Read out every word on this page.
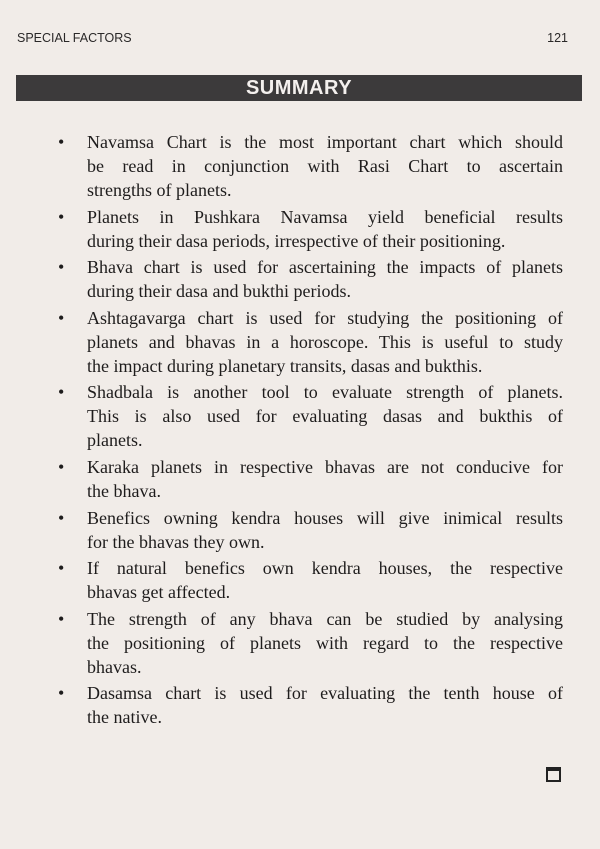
SPECIAL FACTORS	121
SUMMARY
• Navamsa Chart is the most important chart which should
be read in conjunction with Rasi Chart to ascertain
strengths of planets.
• Planets in Pushkara Navamsa yield beneficial results
during their dasa periods, irrespective of their positioning.
• Bhava chart is used for ascertaining the impacts of planets
during their dasa and bukthi periods.
• Ashtagavarga chart is used for studying the positioning of
planets and bhavas in a horoscope. This is useful to study
the impact during planetary transits, dasas and bukthis.
• Shadbala is another tool to evaluate strength of planets.
This is also used for evaluating dasas and bukthis of
planets.
• Karaka planets in respective bhavas are not conducive for
the bhava.
• Benefics owning kendra houses will give inimical results
for the bhavas they own.
• If natural benefics own kendra houses, the respective
bhavas get affected.
• The strength of any bhava can be studied by analysing
the positioning of planets with regard to the respective
bhavas.
• Dasamsa chart is used for evaluating the tenth house of
the native.
